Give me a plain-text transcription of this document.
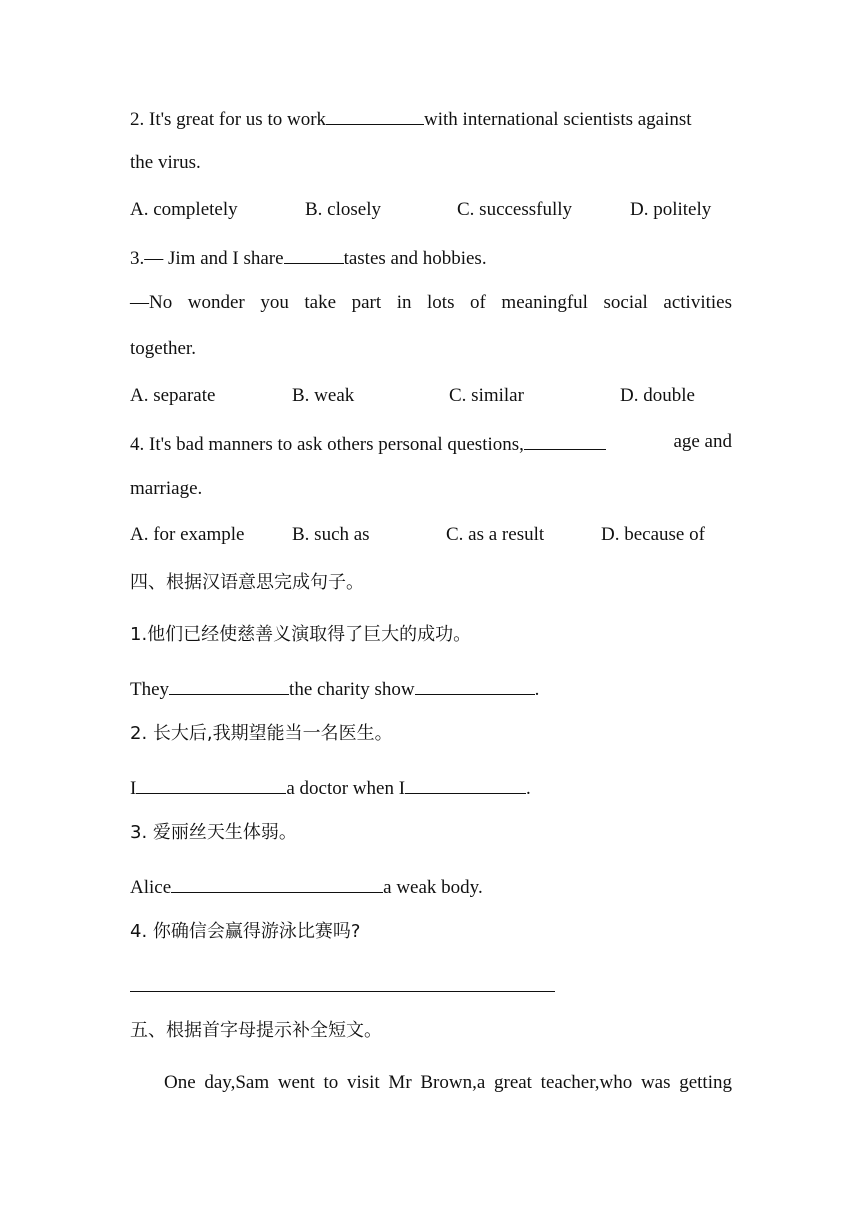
2. It's great for us to work	with international scientists against
the virus.
A. completely	B. closely	C. successfully	D. politely
3.— Jim and I share	tastes and hobbies.
—No wonder you take part in lots of meaningful social activities
together.
A. separate	B. weak	C. similar	D. double
4. It's bad manners to ask others personal questions,	age and
marriage.
A. for example	B. such as	C. as a result	D. because of
四、根据汉语意思完成句子。
1.他们已经使慈善义演取得了巨大的成功。
They	the charity show	.
2. 长大后,我期望能当一名医生。
I	a doctor when I	.
3. 爱丽丝天生体弱。
Alice	a weak body.
4. 你确信会赢得游泳比赛吗?
五、根据首字母提示补全短文。
One day,Sam went to visit Mr Brown,a great teacher,who was getting
